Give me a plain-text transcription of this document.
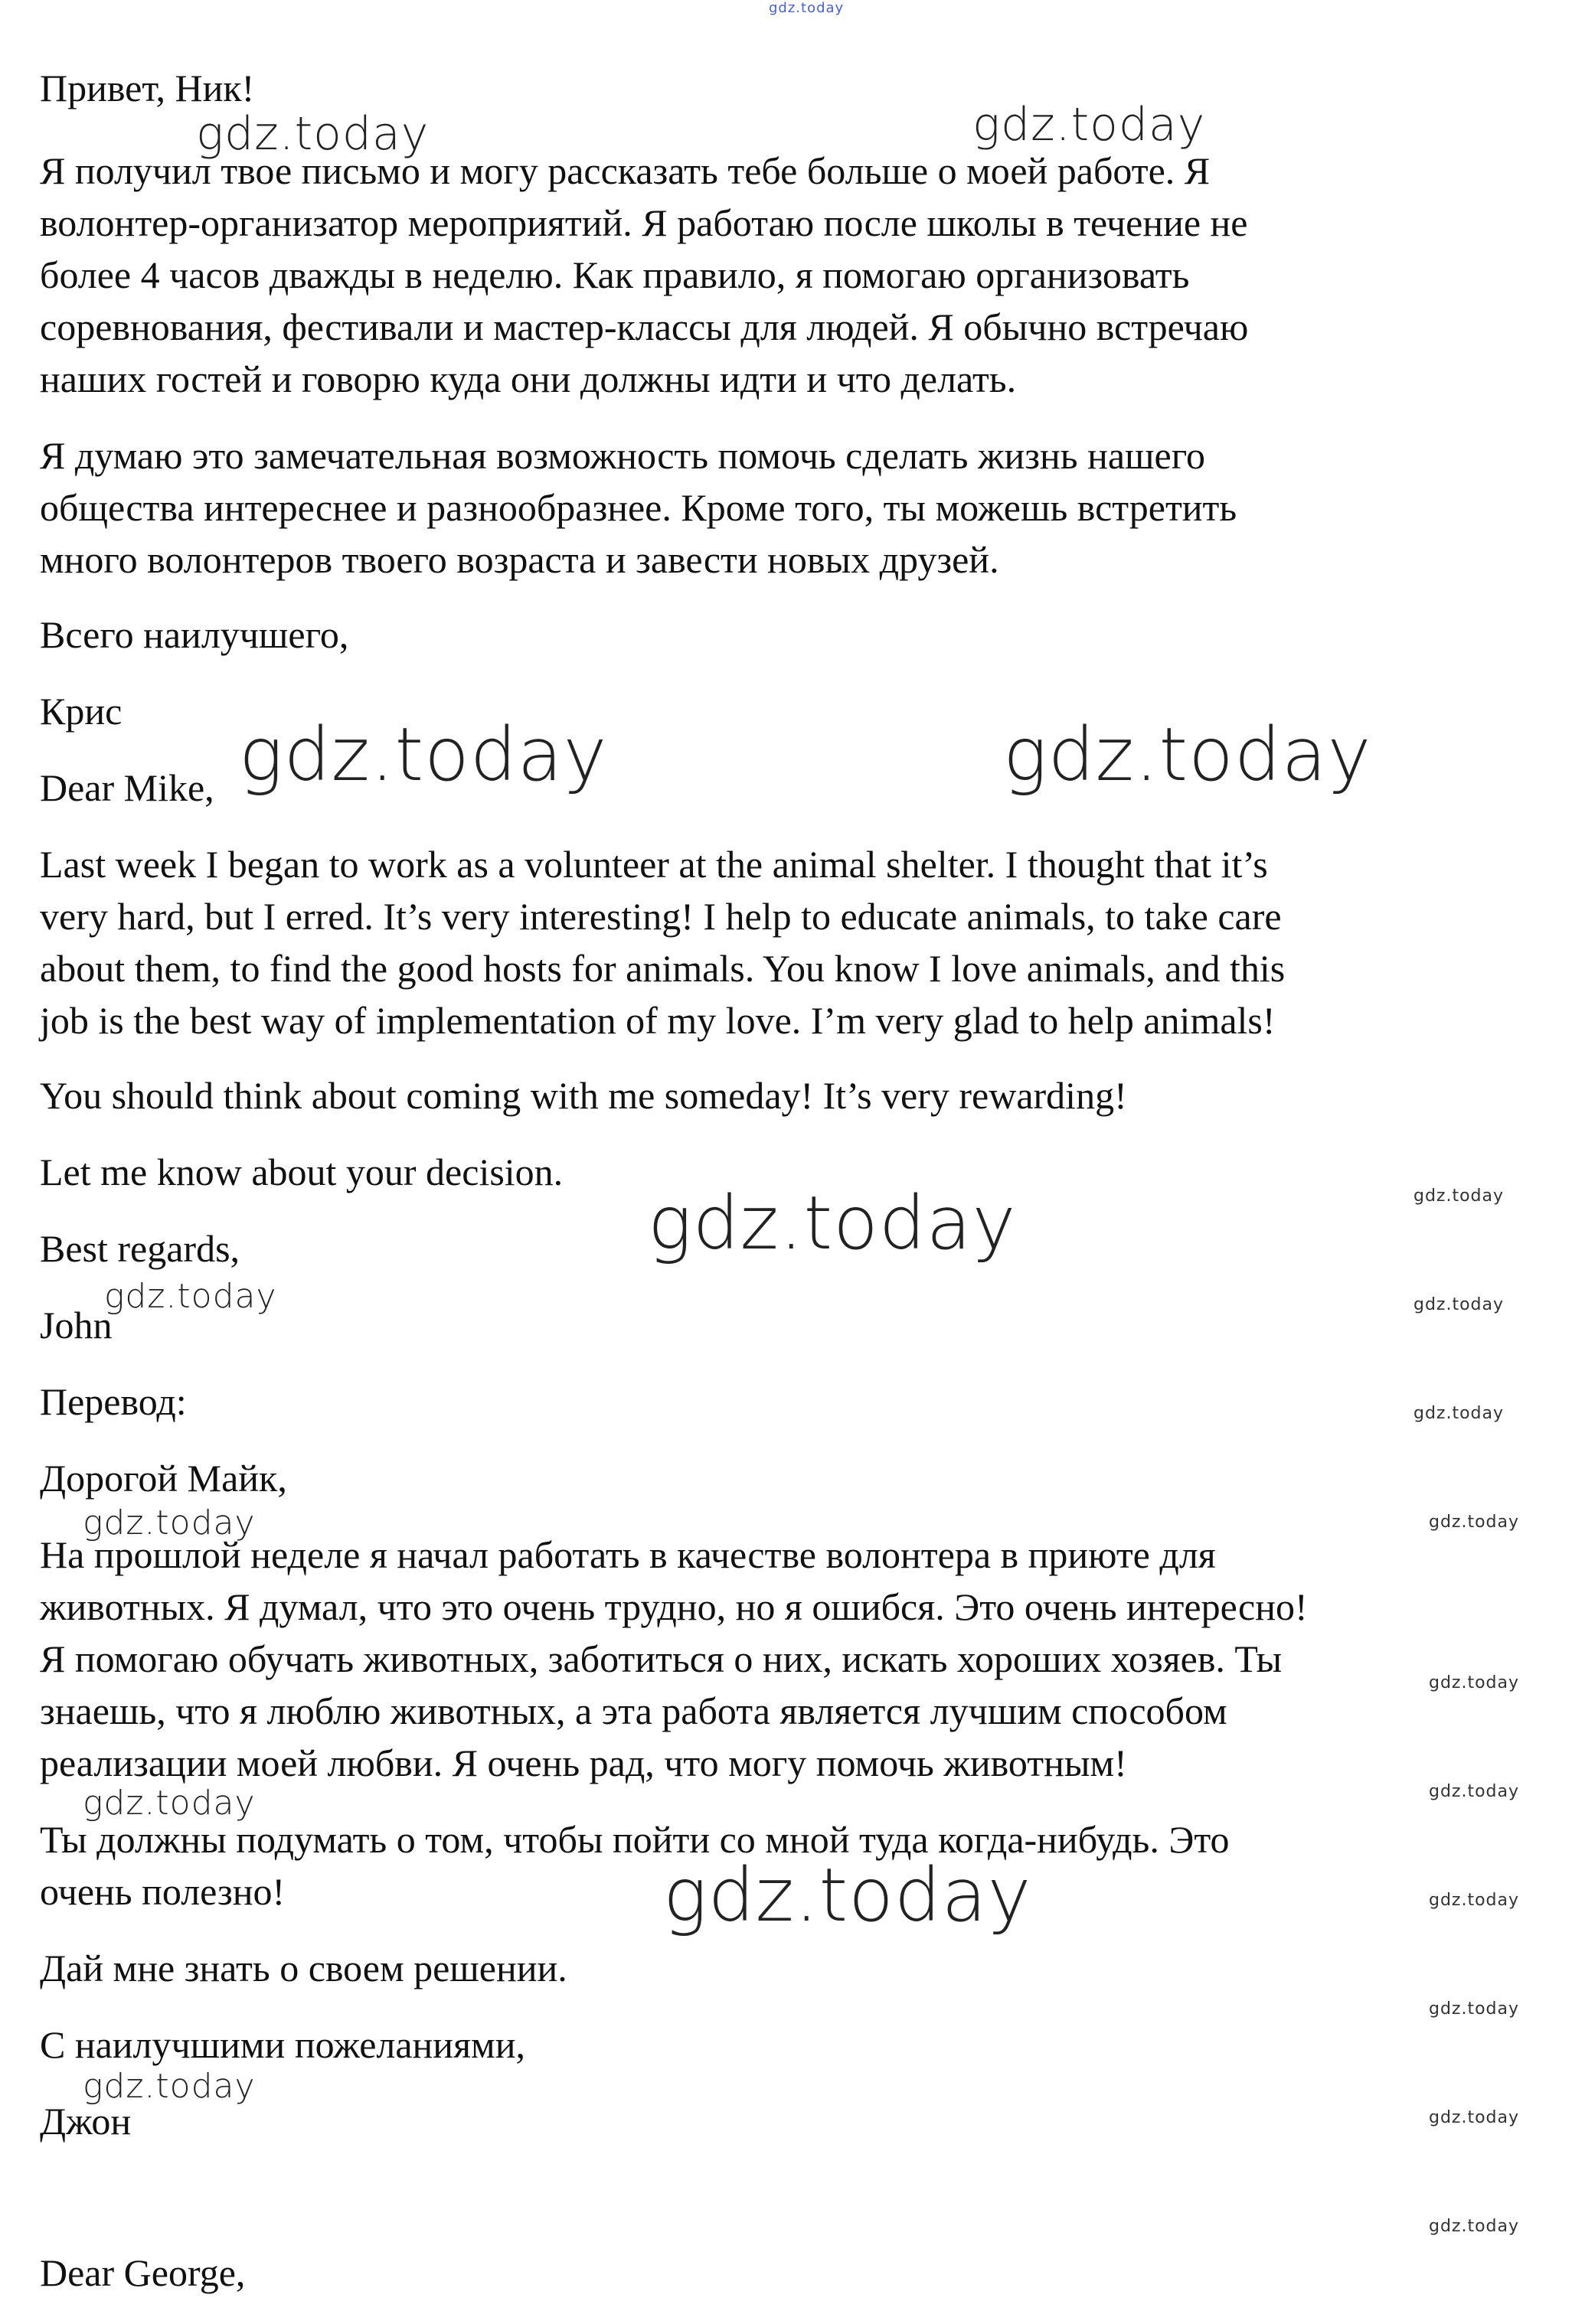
gdz.today
gdz.today	gdz.today
gdz.today	gdz.today
gdz.today
gdz.today
gdz.today
gdz.today
gdz.today
gdz.today
gdz.today
gdz.today
gdz.today
gdz.today
gdz.today
gdz.today
gdz.today
gdz.today
gdz.today
gdz.today
Привет, Ник!
Я получил твое письмо и могу рассказать тебе больше о моей работе. Я
волонтер-организатор мероприятий. Я работаю после школы в течение не
более 4 часов дважды в неделю. Как правило, я помогаю организовать
соревнования, фестивали и мастер-классы для людей. Я обычно встречаю
наших гостей и говорю куда они должны идти и что делать.
Я думаю это замечательная возможность помочь сделать жизнь нашего
общества интереснее и разнообразнее. Кроме того, ты можешь встретить
много волонтеров твоего возраста и завести новых друзей.
Всего наилучшего,
Крис
Dear Mike,
Last week I began to work as a volunteer at the animal shelter. I thought that it’s
very hard, but I erred. It’s very interesting! I help to educate animals, to take care
about them, to find the good hosts for animals. You know I love animals, and this
job is the best way of implementation of my love. I’m very glad to help animals!
You should think about coming with me someday! It’s very rewarding!
Let me know about your decision.
Best regards,
John
Перевод:
Дорогой Майк,
На прошлой неделе я начал работать в качестве волонтера в приюте для
животных. Я думал, что это очень трудно, но я ошибся. Это очень интересно!
Я помогаю обучать животных, заботиться о них, искать хороших хозяев. Ты
знаешь, что я люблю животных, а эта работа является лучшим способом
реализации моей любви. Я очень рад, что могу помочь животным!
Ты должны подумать о том, чтобы пойти со мной туда когда-нибудь. Это
очень полезно!
Дай мне знать о своем решении.
С наилучшими пожеланиями,
Джон
Dear George,
